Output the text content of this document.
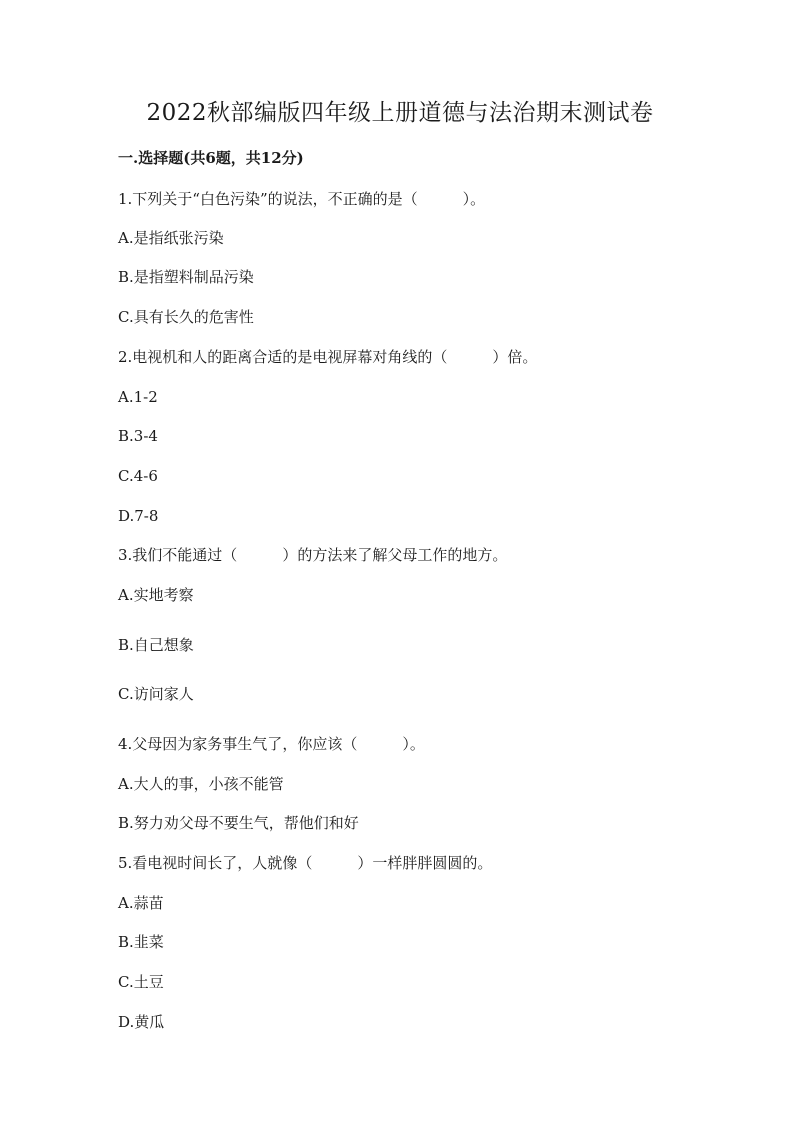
2022秋部编版四年级上册道德与法治期末测试卷
一.选择题(共6题，共12分)
1.下列关于“白色污染”的说法，不正确的是（　　　）。
A.是指纸张污染
B.是指塑料制品污染
C.具有长久的危害性
2.电视机和人的距离合适的是电视屏幕对角线的（　　　）倍。
A.1-2
B.3-4
C.4-6
D.7-8
3.我们不能通过（　　　）的方法来了解父母工作的地方。
A.实地考察
B.自己想象
C.访问家人
4.父母因为家务事生气了，你应该（　　　）。
A.大人的事，小孩不能管
B.努力劝父母不要生气，帮他们和好
5.看电视时间长了，人就像（　　　）一样胖胖圆圆的。
A.蒜苗
B.韭菜
C.土豆
D.黄瓜
